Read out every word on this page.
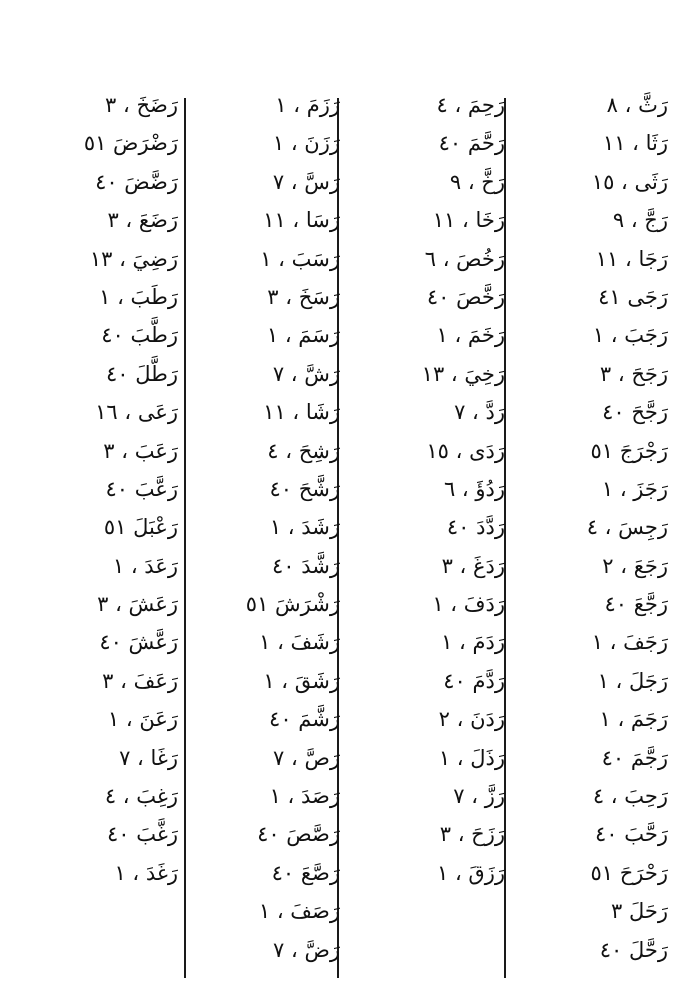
رَثَّ ، ٨
رَثَا ، ١١
رَثَى ، ١٥
رَجَّ ، ٩
رَجَا ، ١١
رَجَى ٤١
رَجَبَ ، ١
رَجَحَ ، ٣
رَجَّحَ ٤٠
رَجْرَجَ ٥١
رَجَزَ ، ١
رَجِسَ ، ٤
رَجَعَ ، ٢
رَجَّعَ ٤٠
رَجَفَ ، ١
رَجَلَ ، ١
رَجَمَ ، ١
رَجَّمَ ٤٠
رَحِبَ ، ٤
رَحَّبَ ٤٠
رَحْرَحَ ٥١
رَحَلَ ٣
رَحَّلَ ٤٠
رَحِمَ ، ٤
رَحَّمَ ٤٠
رَخَّ ، ٩
رَخَا ، ١١
رَخُصَ ، ٦
رَخَّصَ ٤٠
رَخَمَ ، ١
رَخِيَ ، ١٣
رَدَّ ، ٧
رَدَى ، ١٥
رَدُؤَ ، ٦
رَدَّدَ ٤٠
رَدَغَ ، ٣
رَدَفَ ، ١
رَدَمَ ، ١
رَدَّمَ ٤٠
رَدَنَ ، ٢
رَذَلَ ، ١
رَزَّ ، ٧
رَزَحَ ، ٣
رَزَقَ ، ١
رَزَمَ ، ١
رَزَنَ ، ١
رَسَّ ، ٧
رَسَا ، ١١
رَسَبَ ، ١
رَسَخَ ، ٣
رَسَمَ ، ١
رَشَّ ، ٧
رَشَا ، ١١
رَشِحَ ، ٤
رَشَّحَ ٤٠
رَشَدَ ، ١
رَشَّدَ ٤٠
رَشْرَشَ ٥١
رَشَفَ ، ١
رَشَقَ ، ١
رَشَّمَ ٤٠
رَصَّ ، ٧
رَصَدَ ، ١
رَصَّصَ ٤٠
رَصَّعَ ٤٠
رَصَفَ ، ١
رَضَّ ، ٧
رَضَخَ ، ٣
رَضْرَضَ ٥١
رَضَّضَ ٤٠
رَضَعَ ، ٣
رَضِيَ ، ١٣
رَطَبَ ، ١
رَطَّبَ ٤٠
رَطَّلَ ٤٠
رَعَى ، ١٦
رَعَبَ ، ٣
رَعَّبَ ٤٠
رَعْبَلَ ٥١
رَعَدَ ، ١
رَعَشَ ، ٣
رَعَّشَ ٤٠
رَعَفَ ، ٣
رَعَنَ ، ١
رَغَا ، ٧
رَغِبَ ، ٤
رَغَّبَ ٤٠
رَغَدَ ، ١
